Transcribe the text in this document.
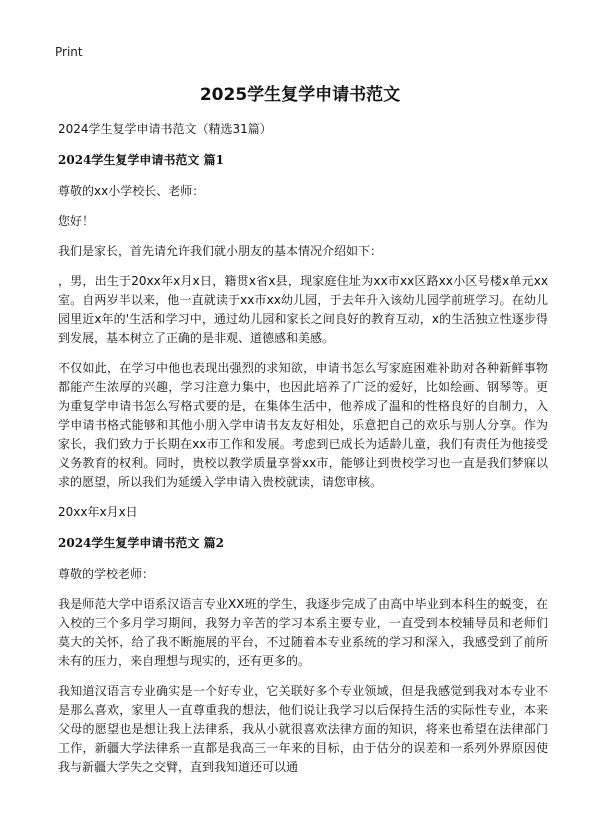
Print
2025学生复学申请书范文

2024学生复学申请书范文（精选31篇）

2024学生复学申请书范文 篇1

尊敬的xx小学校长、老师：

您好！

我们是家长，首先请允许我们就小朋友的基本情况介绍如下：

，男，出生于20xx年x月x日，籍贯x省x县，现家庭住址为xx市xx区路xx小区号楼x单元xx室。自两岁半以来，他一直就读于xx市xx幼儿园，于去年升入该幼儿园学前班学习。在幼儿园里近x年的'生活和学习中，通过幼儿园和家长之间良好的教育互动，x的生活独立性逐步得到发展，基本树立了正确的是非观、道德感和美感。

不仅如此，在学习中他也表现出强烈的求知欲，申请书怎么写家庭困难补助对各种新鲜事物都能产生浓厚的兴趣，学习注意力集中，也因此培养了广泛的爱好，比如绘画、钢琴等。更为重复学申请书怎么写格式要的是，在集体生活中，他养成了温和的性格良好的自制力，入学申请书格式能够和其他小朋入学申请书友友好相处，乐意把自己的欢乐与别人分享。作为家长，我们致力于长期在xx市工作和发展。考虑到已成长为适龄儿童，我们有责任为他接受义务教育的权利。同时，贵校以教学质量享誉xx市，能够让到贵校学习也一直是我们梦寐以求的愿望，所以我们为延缓入学申请入贵校就读，请您审核。

20xx年x月x日

2024学生复学申请书范文 篇2

尊敬的学校老师：

我是师范大学中语系汉语言专业XX班的学生，我逐步完成了由高中毕业到本科生的蜕变，在入校的三个多月学习期间，我努力辛苦的学习本系主要专业，一直受到本校辅导员和老师们莫大的关怀，给了我不断施展的平台，不过随着本专业系统的学习和深入，我感受到了前所未有的压力，来自理想与现实的，还有更多的。

我知道汉语言专业确实是一个好专业，它关联好多个专业领域，但是我感觉到我对本专业不是那么喜欢，家里人一直尊重我的想法，他们说让我学习以后保持生活的实际性专业，本来父母的愿望也是想让我上法律系，我从小就很喜欢法律方面的知识，将来也希望在法律部门工作，新疆大学法律系一直都是我高三一年来的目标，由于估分的误差和一系列外界原因使我与新疆大学失之交臂，直到我知道还可以通
